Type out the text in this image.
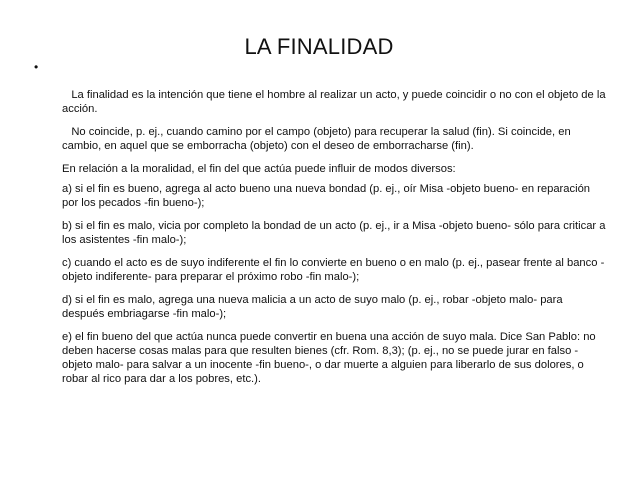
LA FINALIDAD
•

La finalidad es la intención que tiene el hombre al realizar un acto, y puede coincidir o no con el objeto de la acción.

No coincide, p. ej., cuando camino por el campo (objeto) para recuperar la salud (fin). Si coincide, en cambio, en aquel que se emborracha (objeto) con el deseo de emborracharse (fin).

En relación a la moralidad, el fin del que actúa puede influir de modos diversos:

a) si el fin es bueno, agrega al acto bueno una nueva bondad (p. ej., oír Misa -objeto bueno- en reparación por los pecados -fin bueno-);

b) si el fin es malo, vicia por completo la bondad de un acto (p. ej., ir a Misa -objeto bueno- sólo para criticar a los asistentes -fin malo-);

c) cuando el acto es de suyo indiferente el fin lo convierte en bueno o en malo (p. ej., pasear frente al banco -objeto indiferente- para preparar el próximo robo -fin malo-);

d) si el fin es malo, agrega una nueva malicia a un acto de suyo malo (p. ej., robar -objeto malo- para después embriagarse -fin malo-);

e) el fin bueno del que actúa nunca puede convertir en buena una acción de suyo mala. Dice San Pablo: no deben hacerse cosas malas para que resulten bienes (cfr. Rom. 8,3); (p. ej., no se puede jurar en falso -objeto malo- para salvar a un inocente -fin bueno-, o dar muerte a alguien para liberarlo de sus dolores, o robar al rico para dar a los pobres, etc.).
